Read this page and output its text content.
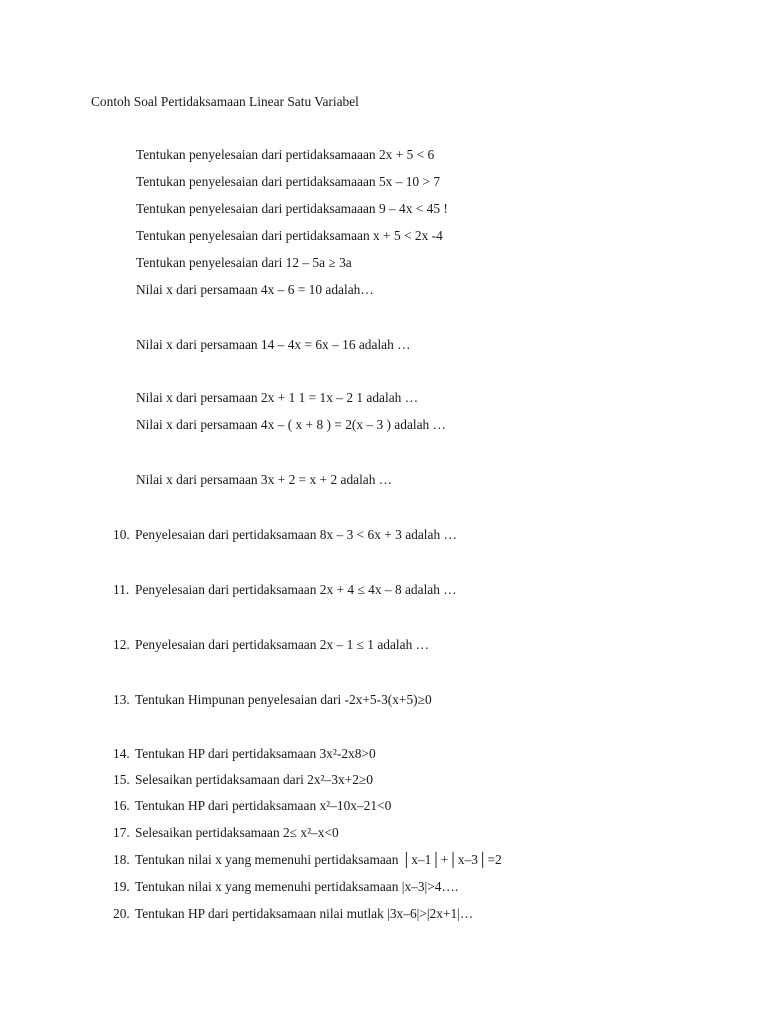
Contoh Soal Pertidaksamaan Linear Satu Variabel
Tentukan penyelesaian dari pertidaksamaaan 2x + 5 < 6
Tentukan penyelesaian dari pertidaksamaaan 5x – 10 > 7
Tentukan penyelesaian dari pertidaksamaaan 9 – 4x < 45 !
Tentukan penyelesaian dari pertidaksamaan x + 5 < 2x -4
Tentukan penyelesaian dari 12 – 5a ≥ 3a
Nilai x dari persamaan 4x – 6 = 10 adalah…
Nilai x dari persamaan 14 – 4x = 6x – 16 adalah …
Nilai x dari persamaan 2x + 1 1 = 1x – 2 1 adalah …
Nilai x dari persamaan 4x – ( x + 8 ) = 2(x – 3 ) adalah …
Nilai x dari persamaan 3x + 2 = x + 2 adalah …
10. Penyelesaian dari pertidaksamaan 8x – 3 < 6x + 3 adalah …
11. Penyelesaian dari pertidaksamaan 2x + 4 ≤ 4x – 8 adalah …
12. Penyelesaian dari pertidaksamaan 2x – 1 ≤ 1 adalah …
13. Tentukan Himpunan penyelesaian dari -2x+5-3(x+5)≥0
14. Tentukan HP dari pertidaksamaan 3x²-2x8>0
15. Selesaikan pertidaksamaan dari 2x²–3x+2≥0
16. Tentukan HP dari pertidaksamaan x²–10x–21<0
17. Selesaikan pertidaksamaan 2≤ x²–x<0
18. Tentukan nilai x yang memenuhi pertidaksamaan │x–1│+│x–3│=2
19. Tentukan nilai x yang memenuhi pertidaksamaan |x–3|>4….
20. Tentukan HP dari pertidaksamaan nilai mutlak |3x–6|>|2x+1|…
